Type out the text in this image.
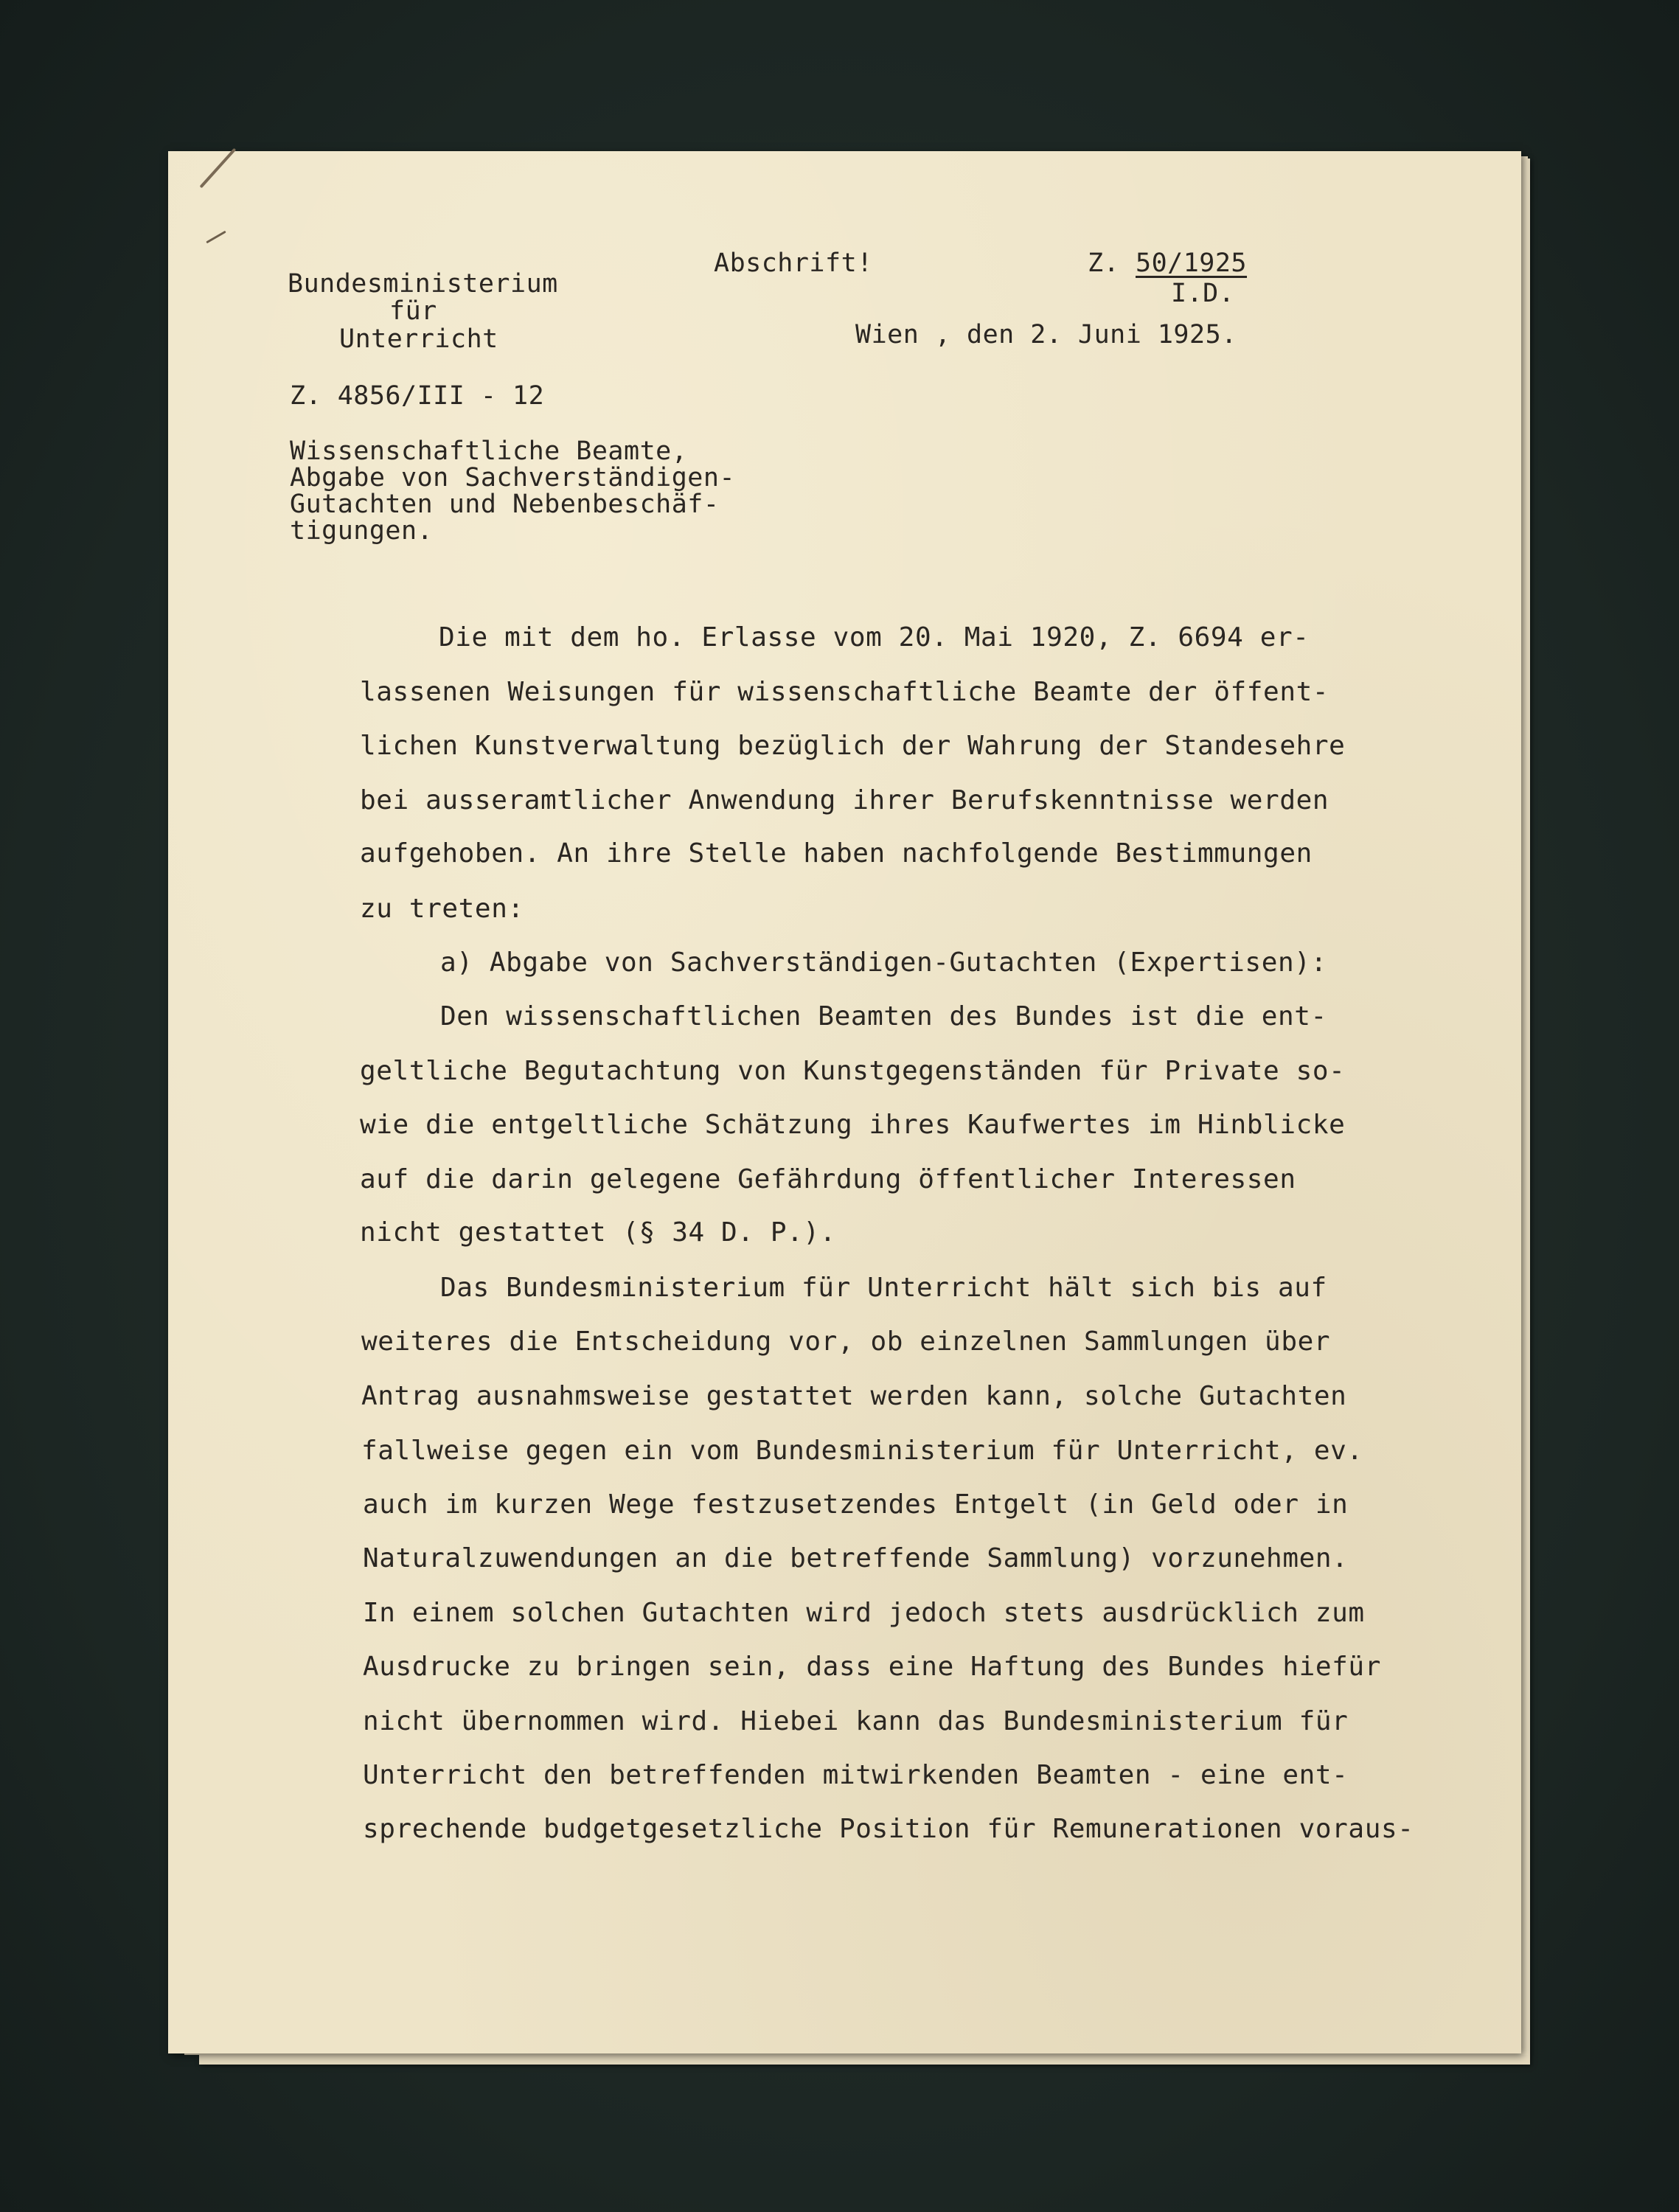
Bundesministerium
für
Unterricht
Abschrift!	Z. 50/1925
I.D.
Wien , den 2. Juni 1925.
Z. 4856/III - 12
Wissenschaftliche Beamte,
Abgabe von Sachverständigen-
Gutachten und Nebenbeschäf-
tigungen.
Die mit dem ho. Erlasse vom 20. Mai 1920, Z. 6694 er-
lassenen Weisungen für wissenschaftliche Beamte der öffent-
lichen Kunstverwaltung bezüglich der Wahrung der Standesehre
bei ausseramtlicher Anwendung ihrer Berufskenntnisse werden
aufgehoben. An ihre Stelle haben nachfolgende Bestimmungen
zu treten:
a) Abgabe von Sachverständigen-Gutachten (Expertisen):
Den wissenschaftlichen Beamten des Bundes ist die ent-
geltliche Begutachtung von Kunstgegenständen für Private so-
wie die entgeltliche Schätzung ihres Kaufwertes im Hinblicke
auf die darin gelegene Gefährdung öffentlicher Interessen
nicht gestattet (§ 34 D. P.).
Das Bundesministerium für Unterricht hält sich bis auf
weiteres die Entscheidung vor, ob einzelnen Sammlungen über
Antrag ausnahmsweise gestattet werden kann, solche Gutachten
fallweise gegen ein vom Bundesministerium für Unterricht, ev.
auch im kurzen Wege festzusetzendes Entgelt (in Geld oder in
Naturalzuwendungen an die betreffende Sammlung) vorzunehmen.
In einem solchen Gutachten wird jedoch stets ausdrücklich zum
Ausdrucke zu bringen sein, dass eine Haftung des Bundes hiefür
nicht übernommen wird. Hiebei kann das Bundesministerium für
Unterricht den betreffenden mitwirkenden Beamten - eine ent-
sprechende budgetgesetzliche Position für Remunerationen voraus-
